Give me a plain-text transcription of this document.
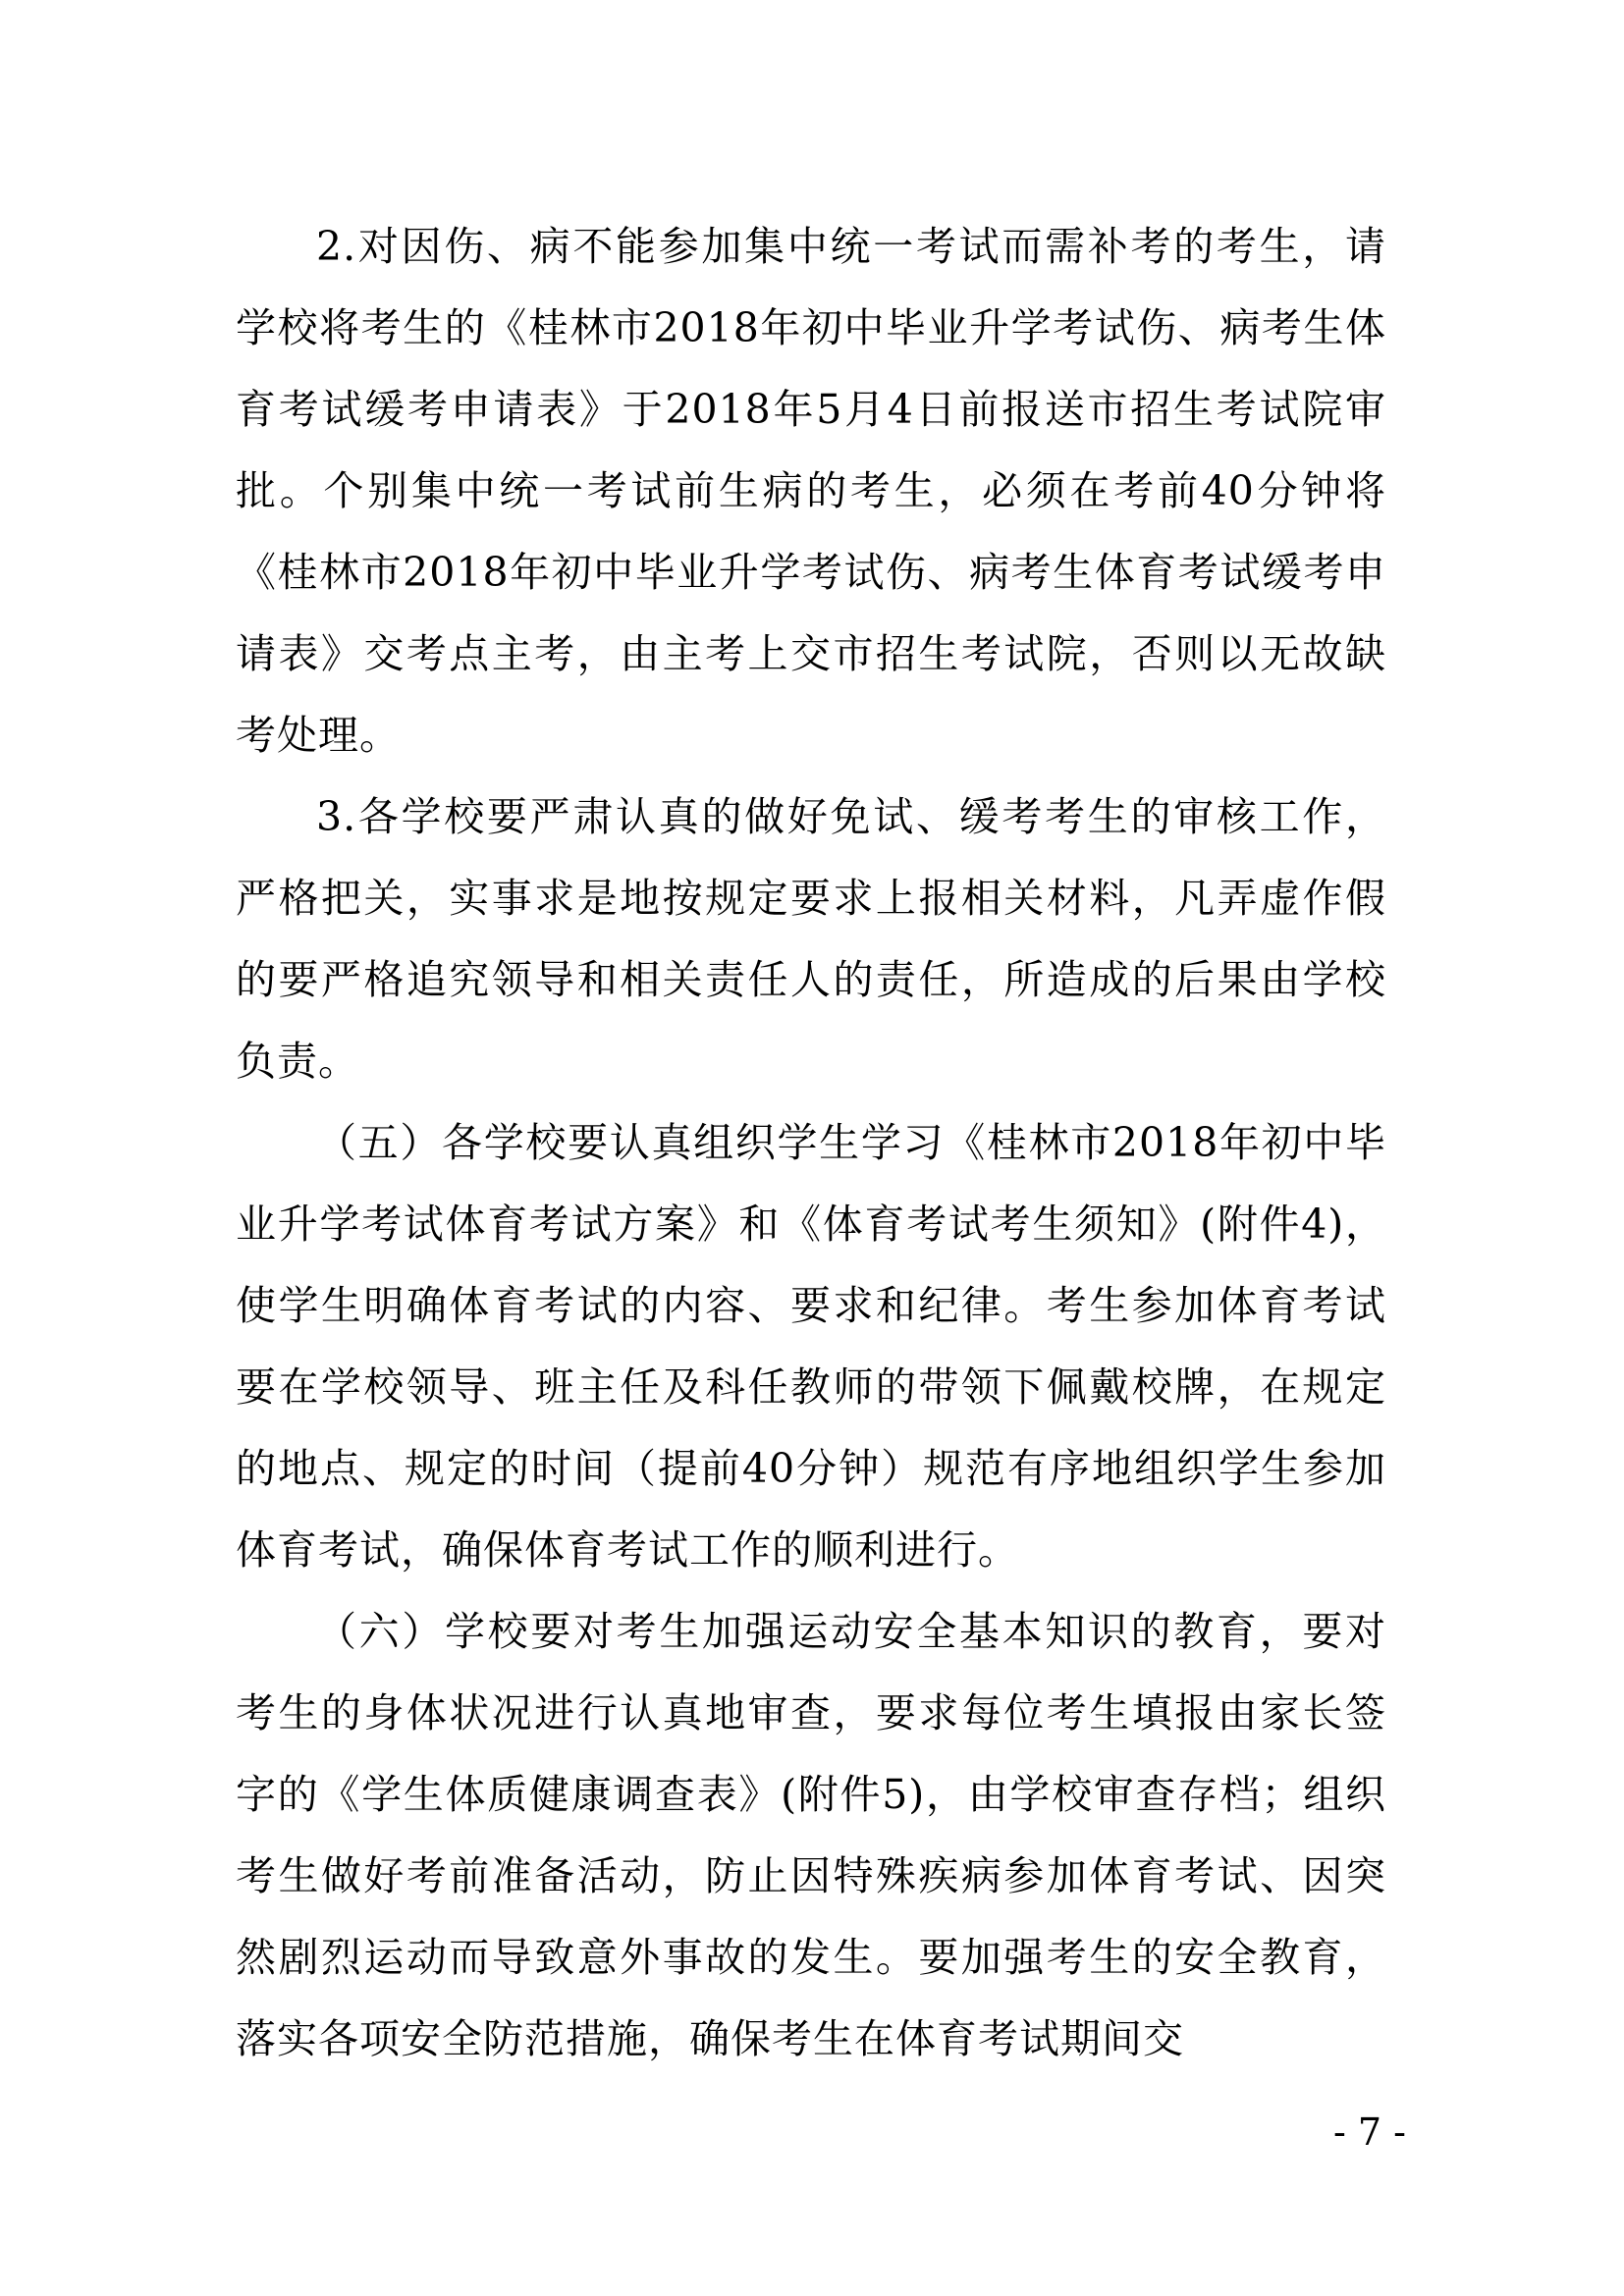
2.对因伤、病不能参加集中统一考试而需补考的考生，请学校将考生的《桂林市2018年初中毕业升学考试伤、病考生体育考试缓考申请表》于2018年5月4日前报送市招生考试院审批。个别集中统一考试前生病的考生，必须在考前40分钟将《桂林市2018年初中毕业升学考试伤、病考生体育考试缓考申请表》交考点主考，由主考上交市招生考试院，否则以无故缺考处理。

3.各学校要严肃认真的做好免试、缓考考生的审核工作，严格把关，实事求是地按规定要求上报相关材料，凡弄虚作假的要严格追究领导和相关责任人的责任，所造成的后果由学校负责。

（五）各学校要认真组织学生学习《桂林市2018年初中毕业升学考试体育考试方案》和《体育考试考生须知》(附件4)，使学生明确体育考试的内容、要求和纪律。考生参加体育考试要在学校领导、班主任及科任教师的带领下佩戴校牌，在规定的地点、规定的时间（提前40分钟）规范有序地组织学生参加体育考试，确保体育考试工作的顺利进行。

（六）学校要对考生加强运动安全基本知识的教育，要对考生的身体状况进行认真地审查，要求每位考生填报由家长签字的《学生体质健康调查表》(附件5)，由学校审查存档；组织考生做好考前准备活动，防止因特殊疾病参加体育考试、因突然剧烈运动而导致意外事故的发生。要加强考生的安全教育，落实各项安全防范措施，确保考生在体育考试期间交

- 7 -
